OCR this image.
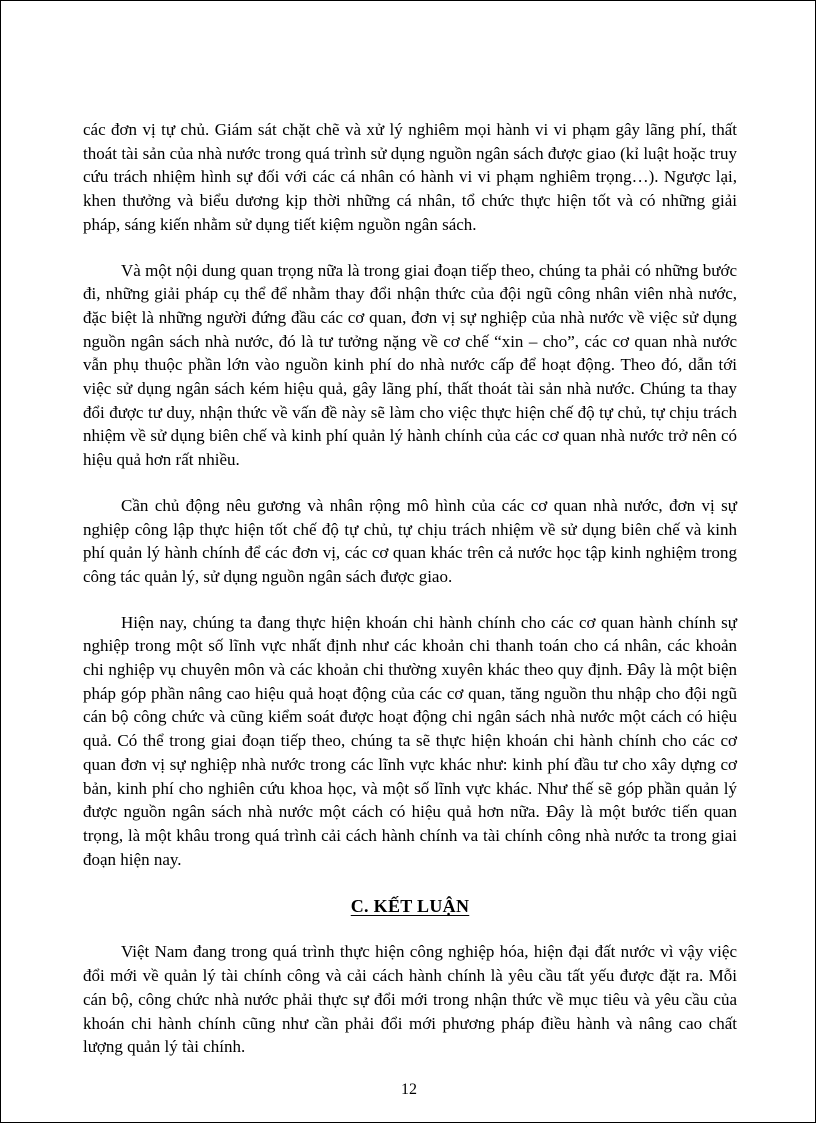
các đơn vị tự chủ. Giám sát chặt chẽ và xử lý nghiêm mọi hành vi vi phạm gây lãng phí, thất thoát tài sản của nhà nước trong quá trình sử dụng nguồn ngân sách được giao (kỉ luật hoặc truy cứu trách nhiệm hình sự đối với các cá nhân có hành vi vi phạm nghiêm trọng…). Ngược lại, khen thưởng và biểu dương kịp thời những cá nhân, tổ chức thực hiện tốt và có những giải pháp, sáng kiến nhằm sử dụng tiết kiệm nguồn ngân sách.

Và một nội dung quan trọng nữa là trong giai đoạn tiếp theo, chúng ta phải có những bước đi, những giải pháp cụ thể để nhằm thay đổi nhận thức của đội ngũ công nhân viên nhà nước, đặc biệt là những người đứng đầu các cơ quan, đơn vị sự nghiệp của nhà nước về việc sử dụng nguồn ngân sách nhà nước, đó là tư tưởng nặng về cơ chế “xin – cho”, các cơ quan nhà nước vẫn phụ thuộc phần lớn vào nguồn kinh phí do nhà nước cấp để hoạt động. Theo đó, dẫn tới việc sử dụng ngân sách kém hiệu quả, gây lãng phí, thất thoát tài sản nhà nước. Chúng ta thay đổi được tư duy, nhận thức về vấn đề này sẽ làm cho việc thực hiện chế độ tự chủ, tự chịu trách nhiệm về sử dụng biên chế và kinh phí quản lý hành chính của các cơ quan nhà nước trở nên có hiệu quả hơn rất nhiều.

Cần chủ động nêu gương và nhân rộng mô hình của các cơ quan nhà nước, đơn vị sự nghiệp công lập thực hiện tốt chế độ tự chủ, tự chịu trách nhiệm về sử dụng biên chế và kinh phí quản lý hành chính để các đơn vị, các cơ quan khác trên cả nước học tập kinh nghiệm trong công tác quản lý, sử dụng nguồn ngân sách được giao.

Hiện nay, chúng ta đang thực hiện khoán chi hành chính cho các cơ quan hành chính sự nghiệp trong một số lĩnh vực nhất định như các khoản chi thanh toán cho cá nhân, các khoản chi nghiệp vụ chuyên môn và các khoản chi thường xuyên khác theo quy định. Đây là một biện pháp góp phần nâng cao hiệu quả hoạt động của các cơ quan, tăng nguồn thu nhập cho đội ngũ cán bộ công chức và cũng kiểm soát được hoạt động chi ngân sách nhà nước một cách có hiệu quả. Có thể trong giai đoạn tiếp theo, chúng ta sẽ thực hiện khoán chi hành chính cho các cơ quan đơn vị sự nghiệp nhà nước trong các lĩnh vực khác như: kinh phí đầu tư cho xây dựng cơ bản, kinh phí cho nghiên cứu khoa học, và một số lĩnh vực khác. Như thế sẽ góp phần quản lý được nguồn ngân sách nhà nước một cách có hiệu quả hơn nữa. Đây là một bước tiến quan trọng, là một khâu trong quá trình cải cách hành chính va tài chính công nhà nước ta trong giai đoạn hiện nay.

C. KẾT LUẬN

Việt Nam đang trong quá trình thực hiện công nghiệp hóa, hiện đại đất nước vì vậy việc đổi mới về quản lý tài chính công và cải cách hành chính là yêu cầu tất yếu được đặt ra. Mỗi cán bộ, công chức nhà nước phải thực sự đổi mới trong nhận thức về mục tiêu và yêu cầu của khoán chi hành chính cũng như cần phải đổi mới phương pháp điều hành và nâng cao chất lượng quản lý tài chính.

12
